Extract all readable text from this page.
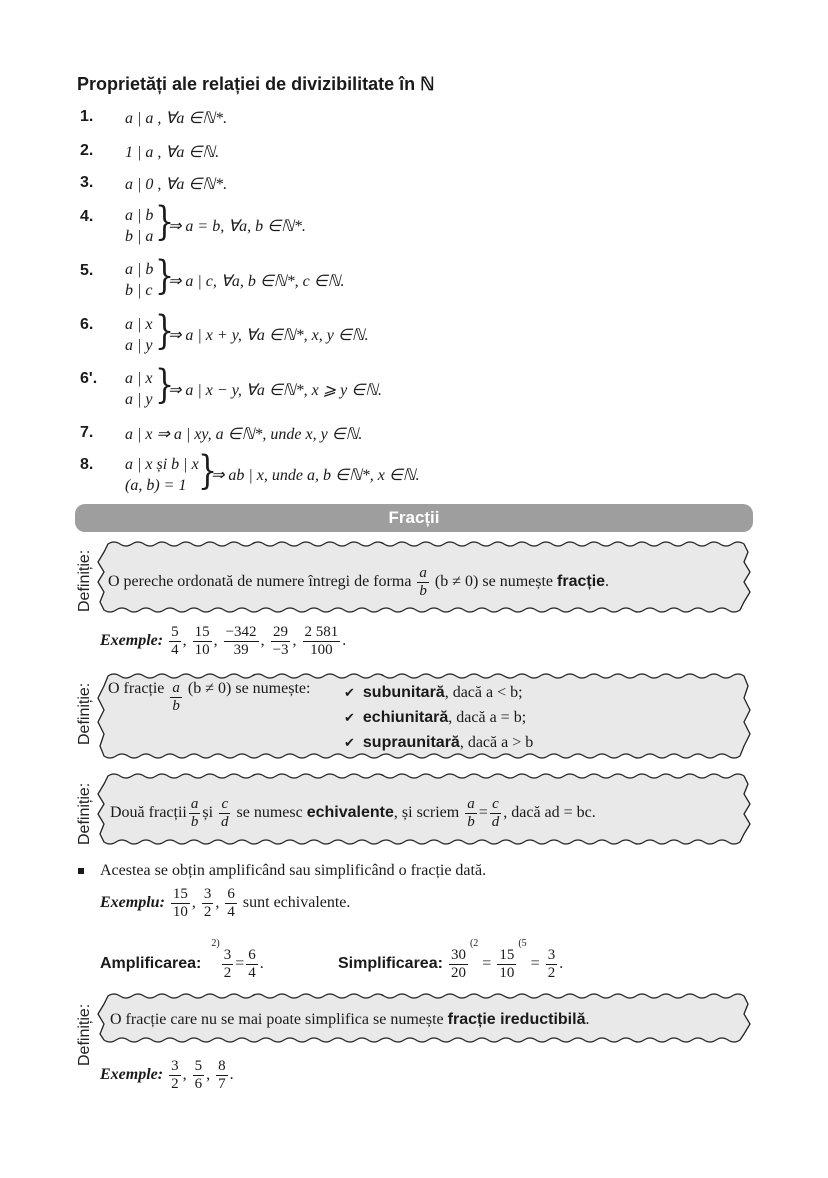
Proprietăți ale relației de divizibilitate în ℕ
1. a | a , ∀a ∈ℕ*.
2. 1 | a , ∀a ∈ℕ.
3. a | 0 , ∀a ∈ℕ*.
4. a | b
b | a }
⇒ a = b, ∀a, b ∈ℕ*.
5. a | b
b | c }
⇒ a | c, ∀a, b ∈ℕ*, c ∈ℕ.
6. a | x
a | y }
⇒ a | x + y, ∀a ∈ℕ*, x, y ∈ℕ.
6'. a | x
a | y }
⇒ a | x − y, ∀a ∈ℕ*, x ⩾ y ∈ℕ.
7. a | x ⇒ a | xy, a ∈ℕ*, unde x, y ∈ℕ.
8. a | x și b | x
(a, b) = 1 }
⇒ ab | x, unde a, b ∈ℕ*, x ∈ℕ.
Fracții
Definiție: O pereche ordonată de numere întregi de forma $\frac{a}{b} (b \ne 0)$ se numește fracție.
Exemple: $\frac{5}{4}$ , $\frac{15}{10}$ , $\frac{-342}{39}$ , $\frac{29}{-3}$ , $\frac{2 581}{100}$ .
Definiție: O fracție $\frac{a}{b} (b \ne 0)$ se numește:	✔ subunitară, dacă a < b;
✔ echiunitară, dacă a = b;
✔ supraunitară, dacă a > b
Definiție: Două fracții $\frac{a}{b}$ și $\frac{c}{d}$ se numesc echivalente, și scriem $\frac{a}{b} = \frac{c}{d}$ , dacă ad = bc.
Acestea se obțin amplificând sau simplificând o fracție dată.
Exemplu: $\frac{15}{10}$ , $\frac{3}{2}$ , $\frac{6}{4}$ sunt echivalente.
Amplificarea: $^{2)}$
$\frac{3}{2} = \frac{6}{4}$ .	Simplificarea: $\frac{30}{20}$
$^{(2} = \frac{15}{10}$
$^{(5} = \frac{3}{2}$ .
Definiție: O fracție care nu se mai poate simplifica se numește fracție ireductibilă.
Exemple: $\frac{3}{2}$ , $\frac{5}{6}$ , $\frac{8}{7}$ .
